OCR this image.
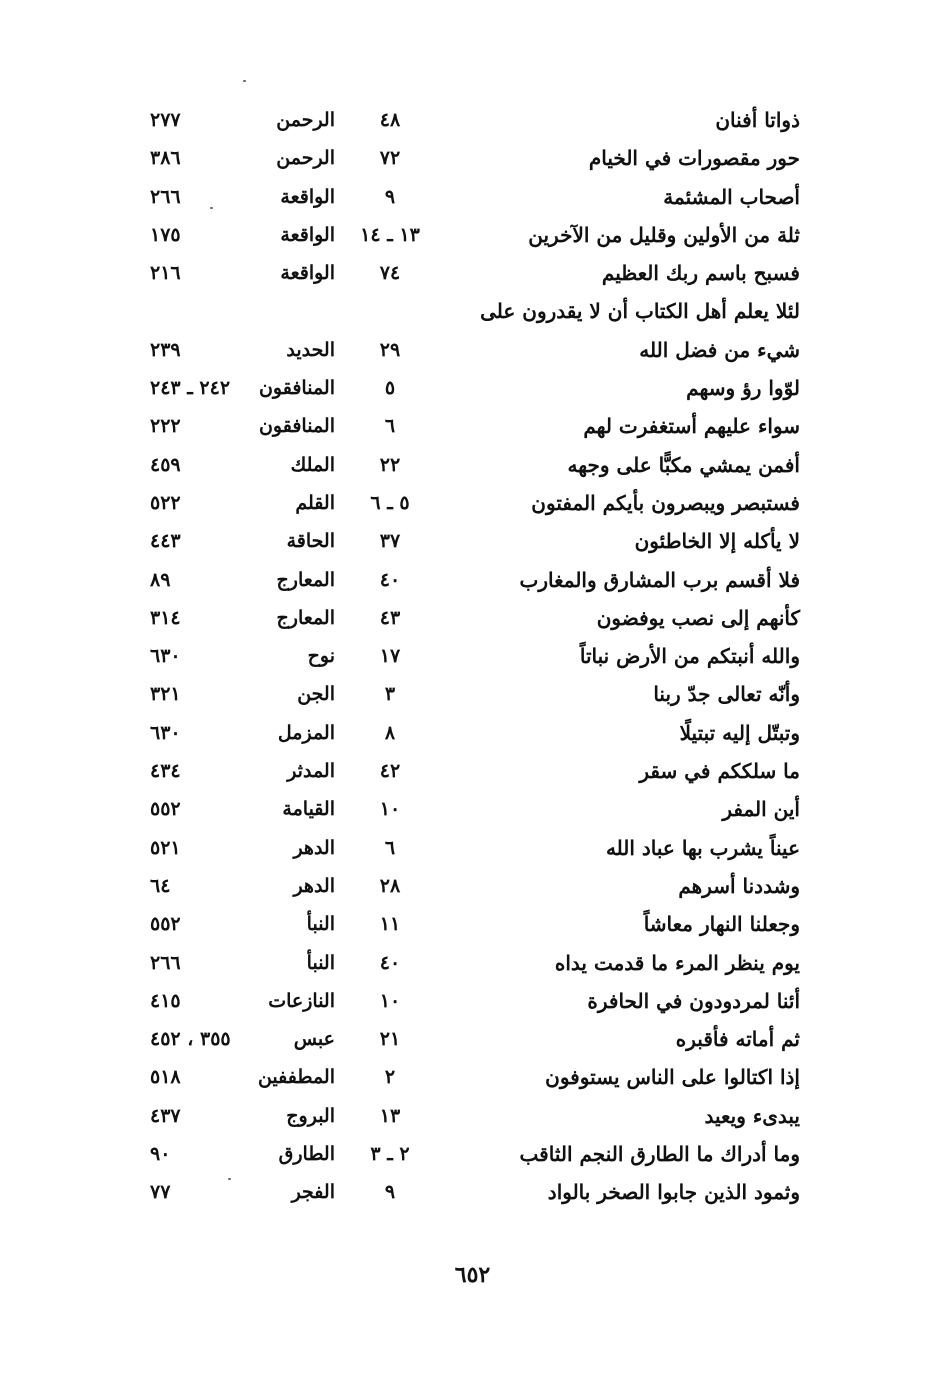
ذواتا أفنان
٤٨
الرحمن
٢٧٧
حور مقصورات في الخيام
٧٢
الرحمن
٣٨٦
أصحاب المشئمة
٩
الواقعة
٢٦٦
ثلة من الأولين وقليل من الآخرين
١٣ ـ ١٤
الواقعة
١٧٥
فسبح باسم ربك العظيم
٧٤
الواقعة
٢١٦
لئلا يعلم أهل الكتاب أن لا يقدرون على شيء من فضل الله
٢٩
الحديد
٢٣٩
لوّوا رؤ وسهم
٥
المنافقون
٢٤٢ ـ ٢٤٣
سواء عليهم أستغفرت لهم
٦
المنافقون
٢٢٢
أفمن يمشي مكبًّا على وجهه
٢٢
الملك
٤٥٩
فستبصر ويبصرون بأيكم المفتون
٥ ـ ٦
القلم
٥٢٢
لا يأكله إلا الخاطئون
٣٧
الحاقة
٤٤٣
فلا أقسم برب المشارق والمغارب
٤٠
المعارج
٨٩
كأنهم إلى نصب يوفضون
٤٣
المعارج
٣١٤
والله أنبتكم من الأرض نباتاً
١٧
نوح
٦٣٠
وأنّه تعالى جدّ ربنا
٣
الجن
٣٢١
وتبتّل إليه تبتيلًا
٨
المزمل
٦٣٠
ما سلككم في سقر
٤٢
المدثر
٤٣٤
أين المفر
١٠
القيامة
٥٥٢
عيناً يشرب بها عباد الله
٦
الدهر
٥٢١
وشددنا أسرهم
٢٨
الدهر
٦٤
وجعلنا النهار معاشاً
١١
النبأ
٥٥٢
يوم ينظر المرء ما قدمت يداه
٤٠
النبأ
٢٦٦
أئنا لمردودون في الحافرة
١٠
النازعات
٤١٥
ثم أماته فأقبره
٢١
عبس
٣٥٥ ، ٤٥٢
إذا اكتالوا على الناس يستوفون
٢
المطففين
٥١٨
يبدىء ويعيد
١٣
البروج
٤٣٧
وما أدراك ما الطارق النجم الثاقب
٢ ـ ٣
الطارق
٩٠
وثمود الذين جابوا الصخر بالواد
٩
الفجر
٧٧
٦٥٢
